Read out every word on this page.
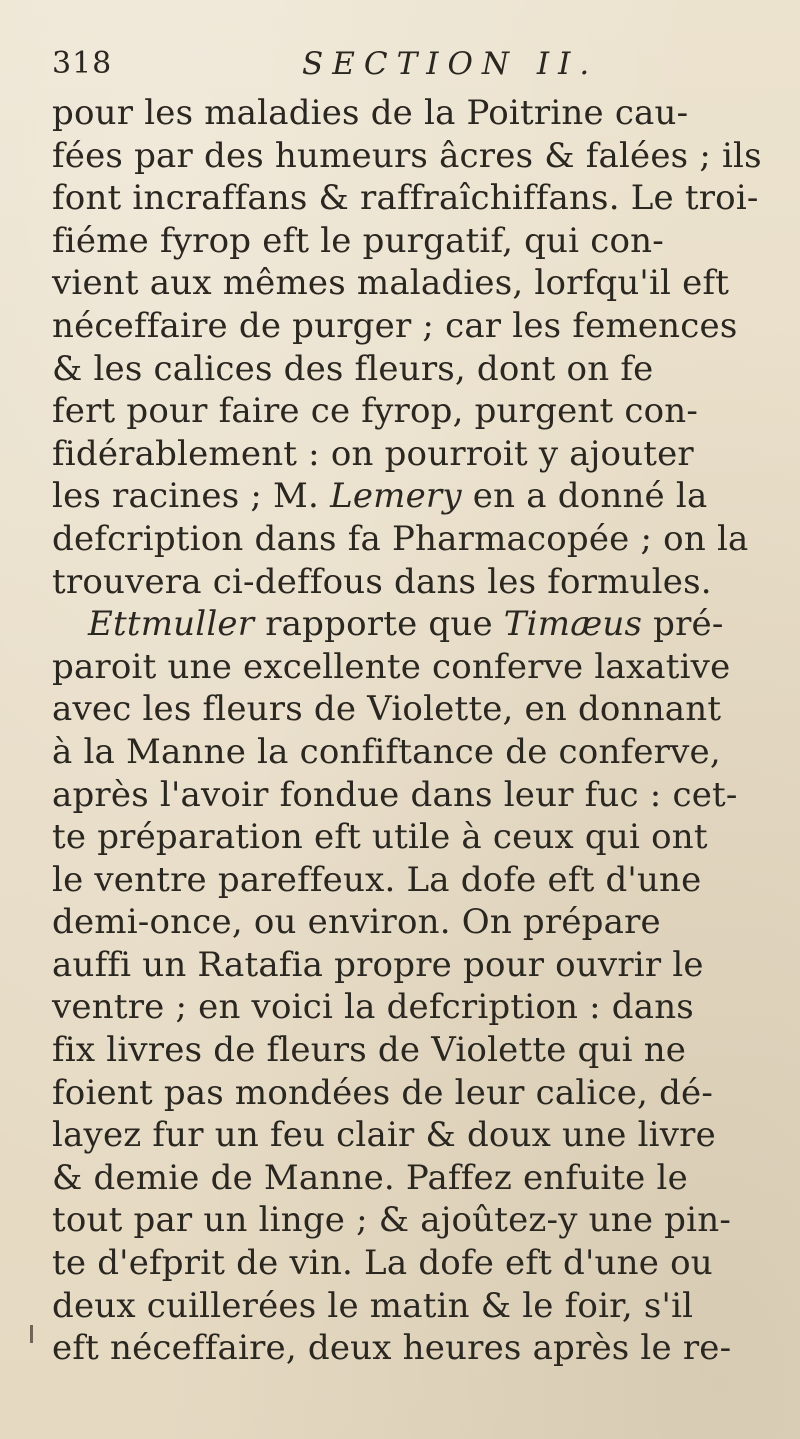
318	SECTION II.
pour les maladies de la Poitrine cau-
fées par des humeurs âcres & falées ; ils
font incraffans & raffraîchiffans. Le troi-
fiéme fyrop eft le purgatif, qui con-
vient aux mêmes maladies, lorfqu'il eft
néceffaire de purger ; car les femences
& les calices des fleurs, dont on fe
fert pour faire ce fyrop, purgent con-
fidérablement : on pourroit y ajouter
les racines ; M. Lemery en a donné la
defcription dans fa Pharmacopée ; on la
trouvera ci-deffous dans les formules.
Ettmuller rapporte que Timæus pré-
paroit une excellente conferve laxative
avec les fleurs de Violette, en donnant
à la Manne la confiftance de conferve,
après l'avoir fondue dans leur fuc : cet-
te préparation eft utile à ceux qui ont
le ventre pareffeux. La dofe eft d'une
demi-once, ou environ. On prépare
auffi un Ratafia propre pour ouvrir le
ventre ; en voici la defcription : dans
fix livres de fleurs de Violette qui ne
foient pas mondées de leur calice, dé-
layez fur un feu clair & doux une livre
& demie de Manne. Paffez enfuite le
tout par un linge ; & ajoûtez-y une pin-
te d'efprit de vin. La dofe eft d'une ou
deux cuillerées le matin & le foir, s'il
eft néceffaire, deux heures après le re-
